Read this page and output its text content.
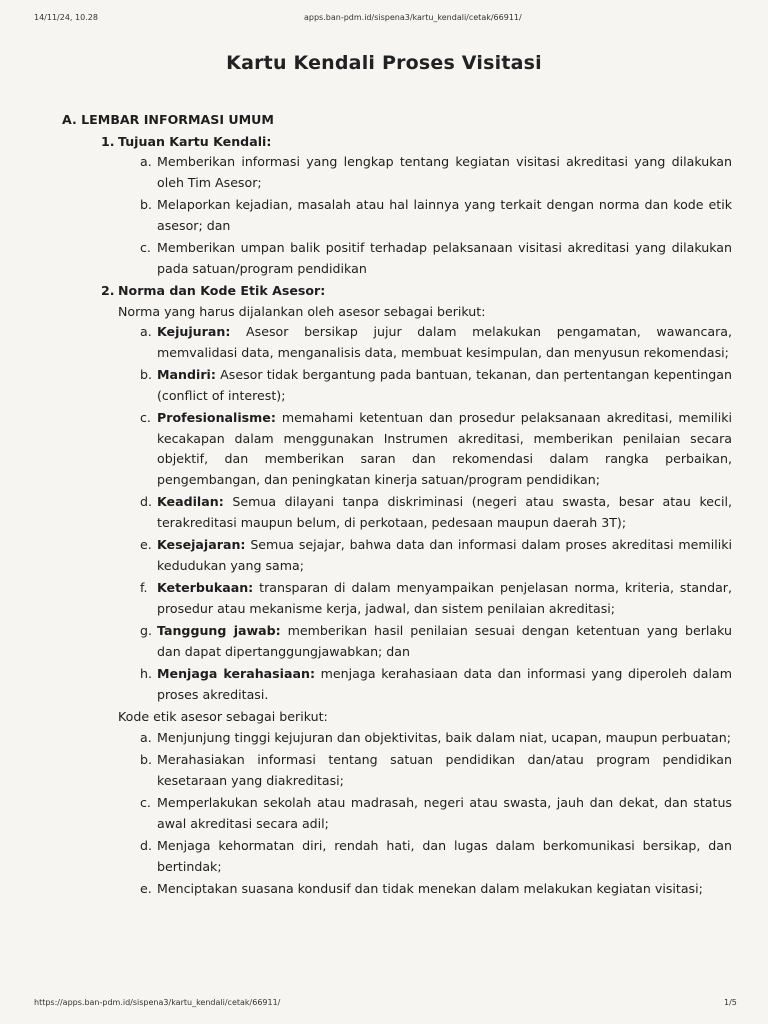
14/11/24, 10.28	apps.ban-pdm.id/sispena3/kartu_kendali/cetak/66911/
Kartu Kendali Proses Visitasi
A. LEMBAR INFORMASI UMUM
1. Tujuan Kartu Kendali:
a. Memberikan informasi yang lengkap tentang kegiatan visitasi akreditasi yang dilakukan oleh Tim Asesor;
b. Melaporkan kejadian, masalah atau hal lainnya yang terkait dengan norma dan kode etik asesor; dan
c. Memberikan umpan balik positif terhadap pelaksanaan visitasi akreditasi yang dilakukan pada satuan/program pendidikan
2. Norma dan Kode Etik Asesor:
Norma yang harus dijalankan oleh asesor sebagai berikut:
a. Kejujuran: Asesor bersikap jujur dalam melakukan pengamatan, wawancara, memvalidasi data, menganalisis data, membuat kesimpulan, dan menyusun rekomendasi;
b. Mandiri: Asesor tidak bergantung pada bantuan, tekanan, dan pertentangan kepentingan (conflict of interest);
c. Profesionalisme: memahami ketentuan dan prosedur pelaksanaan akreditasi, memiliki kecakapan dalam menggunakan Instrumen akreditasi, memberikan penilaian secara objektif, dan memberikan saran dan rekomendasi dalam rangka perbaikan, pengembangan, dan peningkatan kinerja satuan/program pendidikan;
d. Keadilan: Semua dilayani tanpa diskriminasi (negeri atau swasta, besar atau kecil, terakreditasi maupun belum, di perkotaan, pedesaan maupun daerah 3T);
e. Kesejajaran: Semua sejajar, bahwa data dan informasi dalam proses akreditasi memiliki kedudukan yang sama;
f. Keterbukaan: transparan di dalam menyampaikan penjelasan norma, kriteria, standar, prosedur atau mekanisme kerja, jadwal, dan sistem penilaian akreditasi;
g. Tanggung jawab: memberikan hasil penilaian sesuai dengan ketentuan yang berlaku dan dapat dipertanggungjawabkan; dan
h. Menjaga kerahasiaan: menjaga kerahasiaan data dan informasi yang diperoleh dalam proses akreditasi.
Kode etik asesor sebagai berikut:
a. Menjunjung tinggi kejujuran dan objektivitas, baik dalam niat, ucapan, maupun perbuatan;
b. Merahasiakan informasi tentang satuan pendidikan dan/atau program pendidikan kesetaraan yang diakreditasi;
c. Memperlakukan sekolah atau madrasah, negeri atau swasta, jauh dan dekat, dan status awal akreditasi secara adil;
d. Menjaga kehormatan diri, rendah hati, dan lugas dalam berkomunikasi bersikap, dan bertindak;
e. Menciptakan suasana kondusif dan tidak menekan dalam melakukan kegiatan visitasi;
https://apps.ban-pdm.id/sispena3/kartu_kendali/cetak/66911/	1/5
